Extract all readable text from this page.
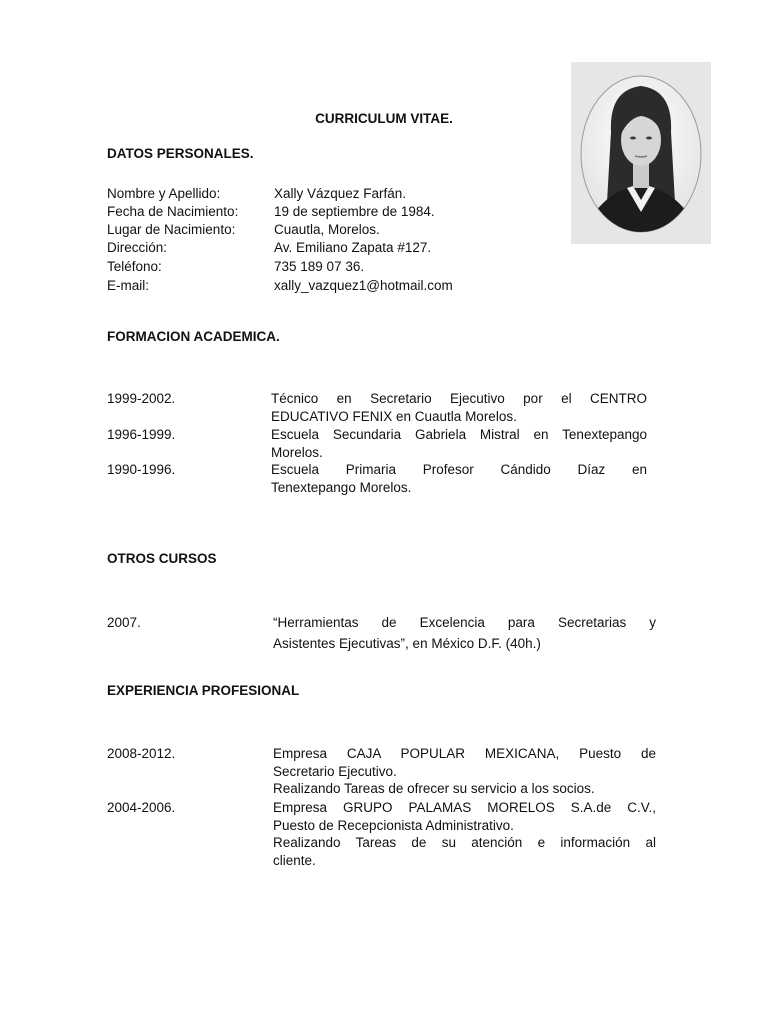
CURRICULUM VITAE.
DATOS PERSONALES.
Nombre y Apellido:	Xally Vázquez Farfán.
Fecha de Nacimiento:	19 de septiembre de 1984.
Lugar de Nacimiento:	Cuautla, Morelos.
Dirección:	Av. Emiliano Zapata #127.
Teléfono:	735 189 07 36.
E-mail:	xally_vazquez1@hotmail.com
FORMACION ACADEMICA.
1999-2002.	Técnico en Secretario Ejecutivo por el CENTRO
EDUCATIVO FENIX en Cuautla Morelos.
1996-1999.	Escuela Secundaria Gabriela Mistral en Tenextepango
Morelos.
1990-1996.	Escuela Primaria Profesor Cándido Díaz en
Tenextepango Morelos.
OTROS CURSOS
2007.	“Herramientas de Excelencia para Secretarias y
Asistentes Ejecutivas”, en México D.F. (40h.)
EXPERIENCIA PROFESIONAL
2008-2012.	Empresa CAJA POPULAR MEXICANA, Puesto de
Secretario Ejecutivo.
Realizando Tareas de ofrecer su servicio a los socios.
2004-2006.	Empresa GRUPO PALAMAS MORELOS S.A.de C.V.,
Puesto de Recepcionista Administrativo.
Realizando Tareas de su atención e información al
cliente.
